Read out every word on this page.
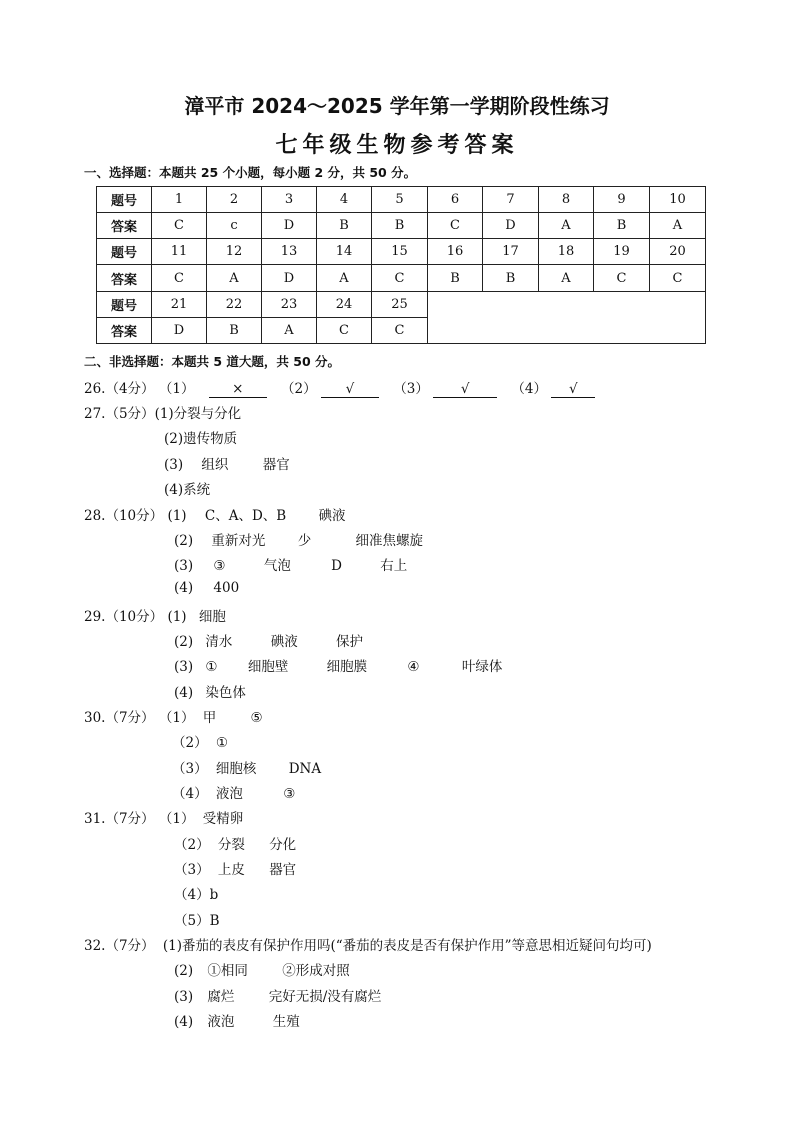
漳平市 2024～2025 学年第一学期阶段性练习
七年级生物参考答案
一、选择题：本题共 25 个小题，每小题 2 分，共 50 分。
题号	1	2	3	4	5	6	7	8	9	10
答案	C	c	D	B	B	C	D	A	B	A
题号	11	12	13	14	15	16	17	18	19	20
答案	C	A	D	A	C	B	B	A	C	C
题号	21	22	23	24	25					
答案	D	B	A	C	C					
二、非选择题：本题共 5 道大题，共 50 分。
26.（4分） （1）	×	（2） √	（3） √	（4） √
27.（5分）(1)分裂与分化
(2)遗传物质
(3) 组织	器官
(4)系统
28.（10分） (1) C、A、D、B 碘液
(2) 重新对光 少	细准焦螺旋
(3) ③	气泡	D	右上
(4) 400
29.（10分） (1) 细胞
(2) 清水	碘液	保护
(3) ① 细胞壁	细胞膜	④	叶绿体
(4) 染色体
30.（7分） （1） 甲	⑤
（2） ①
（3） 细胞核 DNA
（4） 液泡	③
31.（7分） （1） 受精卵
（2） 分裂 分化
（3） 上皮 器官
（4）b
（5）B
32.（7分） (1)番茄的表皮有保护作用吗(“番茄的表皮是否有保护作用”等意思相近疑问句均可)
(2) ①相同	②形成对照
(3) 腐烂	完好无损/没有腐烂
(4) 液泡	生殖
